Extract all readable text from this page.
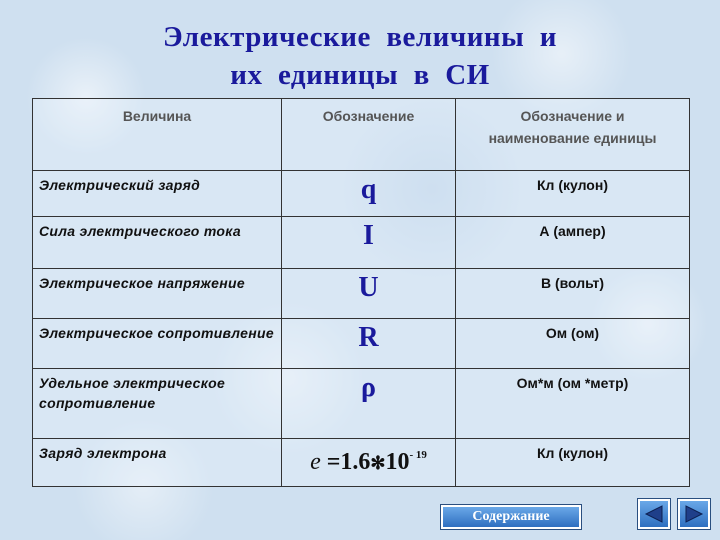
Электрические  величины  и
их  единицы  в  СИ
Величина	Обозначение	Обозначение и наименование единицы
Электрический заряд	q	Кл (кулон)
Сила электрического тока	I	А (ампер)
Электрическое напряжение	U	В (вольт)
Электрическое сопротивление	R	Ом (ом)
Удельное электрическое сопротивление	ρ	Ом*м (ом *метр)
Заряд электрона	$e =1.6✻10^{- 19}$	Кл (кулон)
Содержание
